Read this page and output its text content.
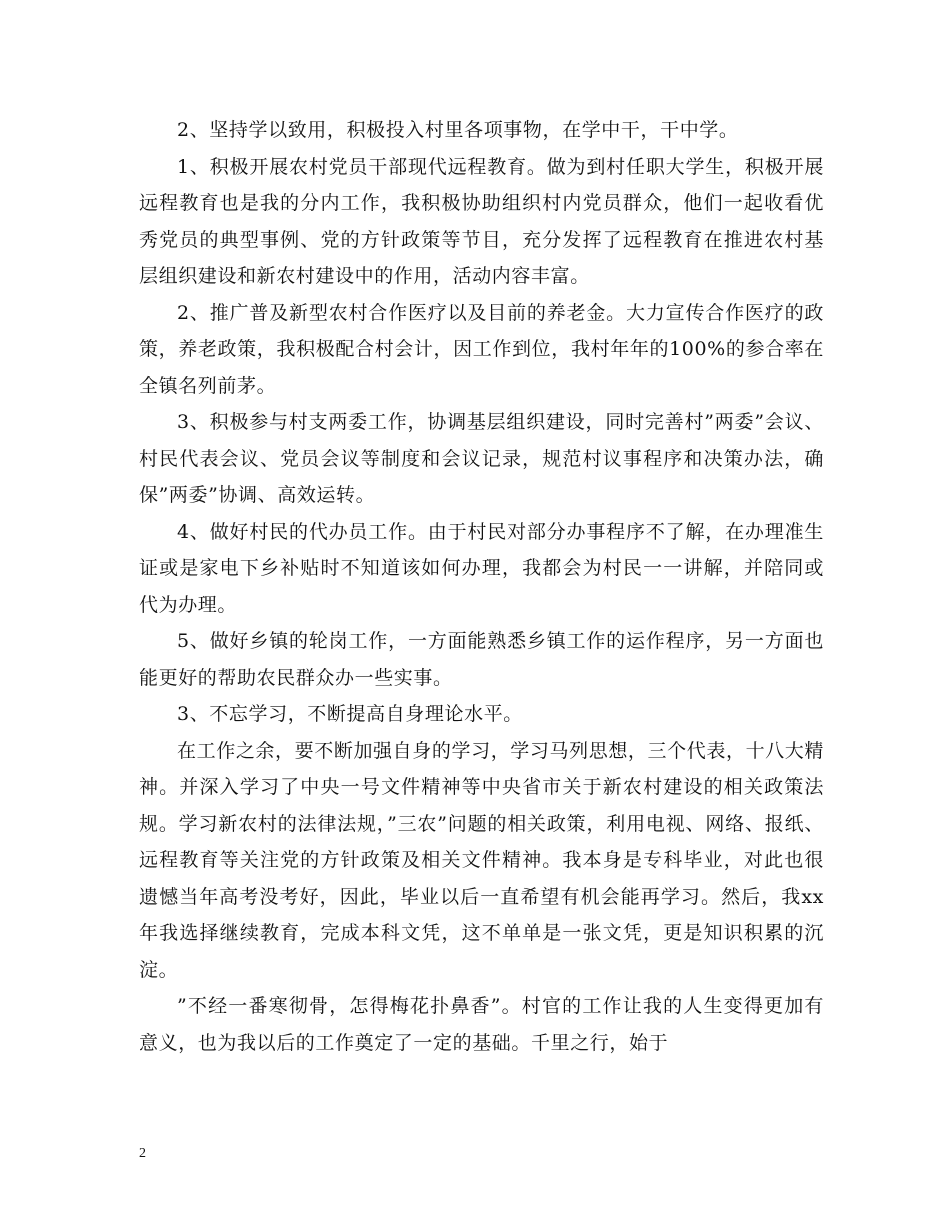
2、坚持学以致用，积极投入村里各项事物，在学中干，干中学。

1、积极开展农村党员干部现代远程教育。做为到村任职大学生，积极开展远程教育也是我的分内工作，我积极协助组织村内党员群众，他们一起收看优秀党员的典型事例、党的方针政策等节目，充分发挥了远程教育在推进农村基层组织建设和新农村建设中的作用，活动内容丰富。

2、推广普及新型农村合作医疗以及目前的养老金。大力宣传合作医疗的政策，养老政策，我积极配合村会计，因工作到位，我村年年的100%的参合率在全镇名列前茅。

3、积极参与村支两委工作，协调基层组织建设，同时完善村”两委”会议、村民代表会议、党员会议等制度和会议记录，规范村议事程序和决策办法，确保”两委”协调、高效运转。

4、做好村民的代办员工作。由于村民对部分办事程序不了解，在办理准生证或是家电下乡补贴时不知道该如何办理，我都会为村民一一讲解，并陪同或代为办理。

5、做好乡镇的轮岗工作，一方面能熟悉乡镇工作的运作程序，另一方面也能更好的帮助农民群众办一些实事。

3、不忘学习，不断提高自身理论水平。

在工作之余，要不断加强自身的学习，学习马列思想，三个代表，十八大精神。并深入学习了中央一号文件精神等中央省市关于新农村建设的相关政策法规。学习新农村的法律法规，”三农”问题的相关政策，利用电视、网络、报纸、远程教育等关注党的方针政策及相关文件精神。我本身是专科毕业，对此也很遗憾当年高考没考好，因此，毕业以后一直希望有机会能再学习。然后，我xx年我选择继续教育，完成本科文凭，这不单单是一张文凭，更是知识积累的沉淀。

”不经一番寒彻骨，怎得梅花扑鼻香”。村官的工作让我的人生变得更加有意义，也为我以后的工作奠定了一定的基础。千里之行，始于

2
